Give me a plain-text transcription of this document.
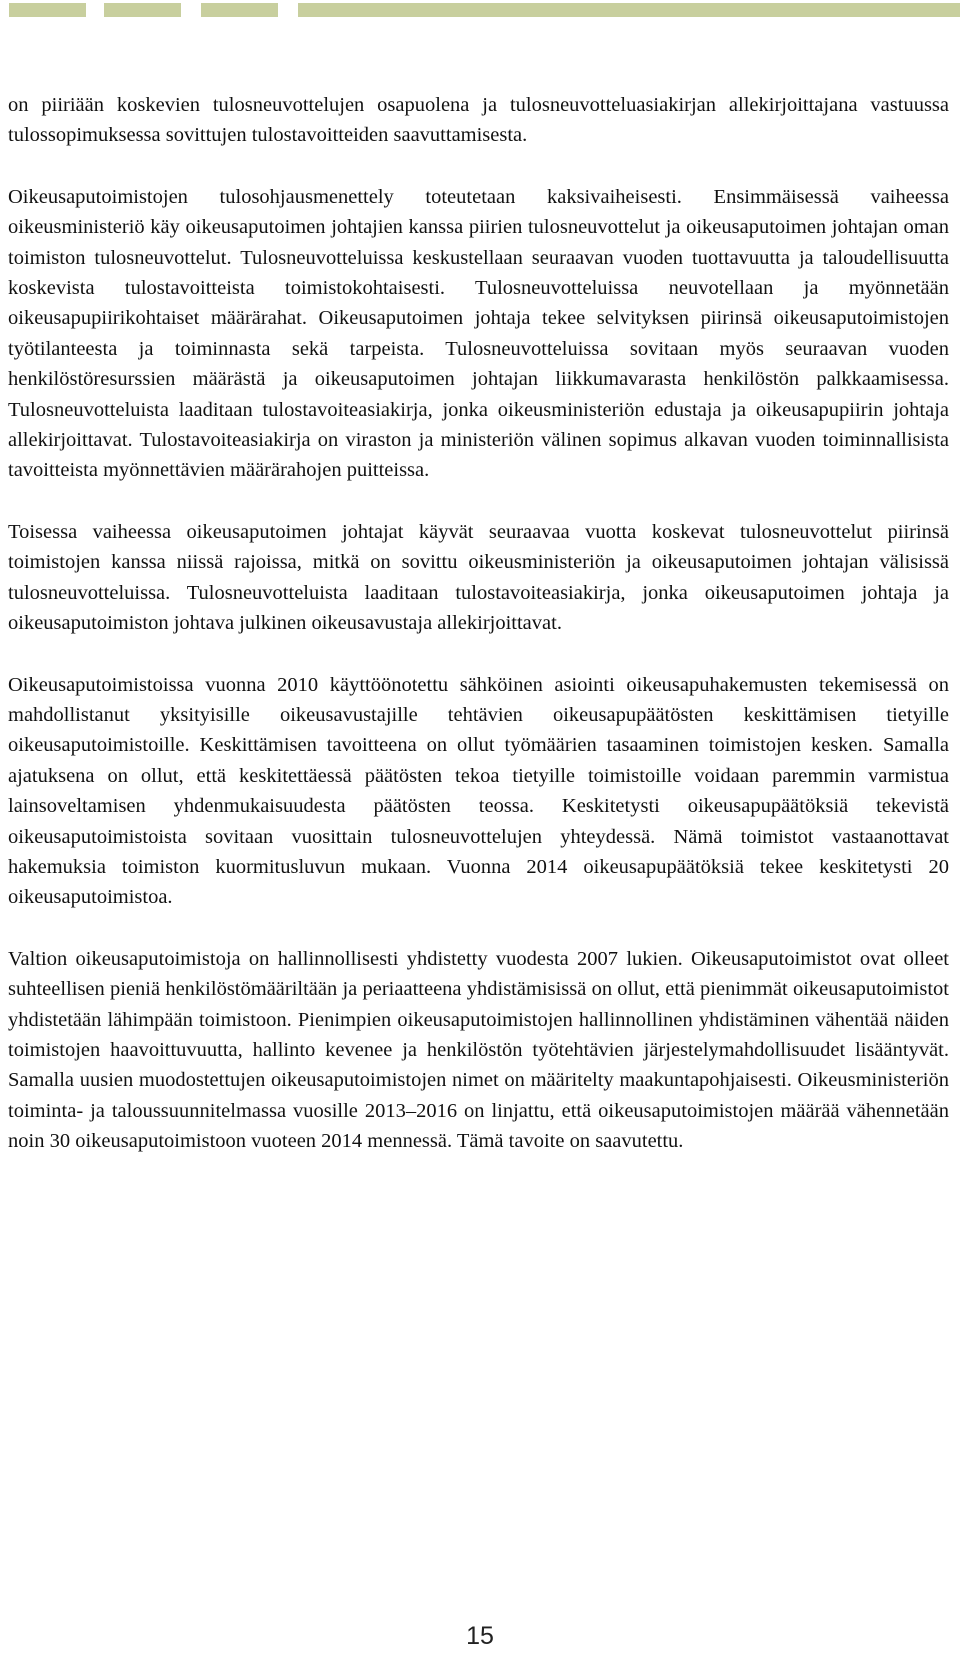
on piiriään koskevien tulosneuvottelujen osapuolena ja tulosneuvotteluasiakirjan allekirjoittajana vastuussa tulossopimuksessa sovittujen tulostavoitteiden saavuttamisesta.

Oikeusaputoimistojen tulosohjausmenettely toteutetaan kaksivaiheisesti. Ensimmäisessä vaiheessa oikeusministeriö käy oikeusaputoimen johtajien kanssa piirien tulosneuvottelut ja oikeusaputoimen johtajan oman toimiston tulosneuvottelut. Tulosneuvotteluissa keskustellaan seuraavan vuoden tuottavuutta ja taloudellisuutta koskevista tulostavoitteista toimistokohtaisesti. Tulosneuvotteluissa neuvotellaan ja myönnetään oikeusapupiirikohtaiset määrärahat. Oikeusaputoimen johtaja tekee selvityksen piirinsä oikeusaputoimistojen työtilanteesta ja toiminnasta sekä tarpeista. Tulosneuvotteluissa sovitaan myös seuraavan vuoden henkilöstöresurssien määrästä ja oikeusaputoimen johtajan liikkumavarasta henkilöstön palkkaamisessa. Tulosneuvotteluista laaditaan tulostavoiteasiakirja, jonka oikeusministeriön edustaja ja oikeusapupiirin johtaja allekirjoittavat. Tulostavoiteasiakirja on viraston ja ministeriön välinen sopimus alkavan vuoden toiminnallisista tavoitteista myönnettävien määrärahojen puitteissa.

Toisessa vaiheessa oikeusaputoimen johtajat käyvät seuraavaa vuotta koskevat tulosneuvottelut piirinsä toimistojen kanssa niissä rajoissa, mitkä on sovittu oikeusministeriön ja oikeusaputoimen johtajan välisissä tulosneuvotteluissa. Tulosneuvotteluista laaditaan tulostavoiteasiakirja, jonka oikeusaputoimen johtaja ja oikeusaputoimiston johtava julkinen oikeusavustaja allekirjoittavat.

Oikeusaputoimistoissa vuonna 2010 käyttöönotettu sähköinen asiointi oikeusapuhakemusten tekemisessä on mahdollistanut yksityisille oikeusavustajille tehtävien oikeusapupäätösten keskittämisen tietyille oikeusaputoimistoille. Keskittämisen tavoitteena on ollut työmäärien tasaaminen toimistojen kesken. Samalla ajatuksena on ollut, että keskitettäessä päätösten tekoa tietyille toimistoille voidaan paremmin varmistua lainsoveltamisen yhdenmukaisuudesta päätösten teossa. Keskitetysti oikeusapupäätöksiä tekevistä oikeusaputoimistoista sovitaan vuosittain tulosneuvottelujen yhteydessä. Nämä toimistot vastaanottavat hakemuksia toimiston kuormitusluvun mukaan. Vuonna 2014 oikeusapupäätöksiä tekee keskitetysti 20 oikeusaputoimistoa.

Valtion oikeusaputoimistoja on hallinnollisesti yhdistetty vuodesta 2007 lukien. Oikeusaputoimistot ovat olleet suhteellisen pieniä henkilöstömääriltään ja periaatteena yhdistämisissä on ollut, että pienimmät oikeusaputoimistot yhdistetään lähimpään toimistoon. Pienimpien oikeusaputoimistojen hallinnollinen yhdistäminen vähentää näiden toimistojen haavoittuvuutta, hallinto kevenee ja henkilöstön työtehtävien järjestelymahdollisuudet lisääntyvät. Samalla uusien muodostettujen oikeusaputoimistojen nimet on määritelty maakuntapohjaisesti. Oikeusministeriön toiminta- ja taloussuunnitelmassa vuosille 2013–2016 on linjattu, että oikeusaputoimistojen määrää vähennetään noin 30 oikeusaputoimistoon vuoteen 2014 mennessä. Tämä tavoite on saavutettu.

15
